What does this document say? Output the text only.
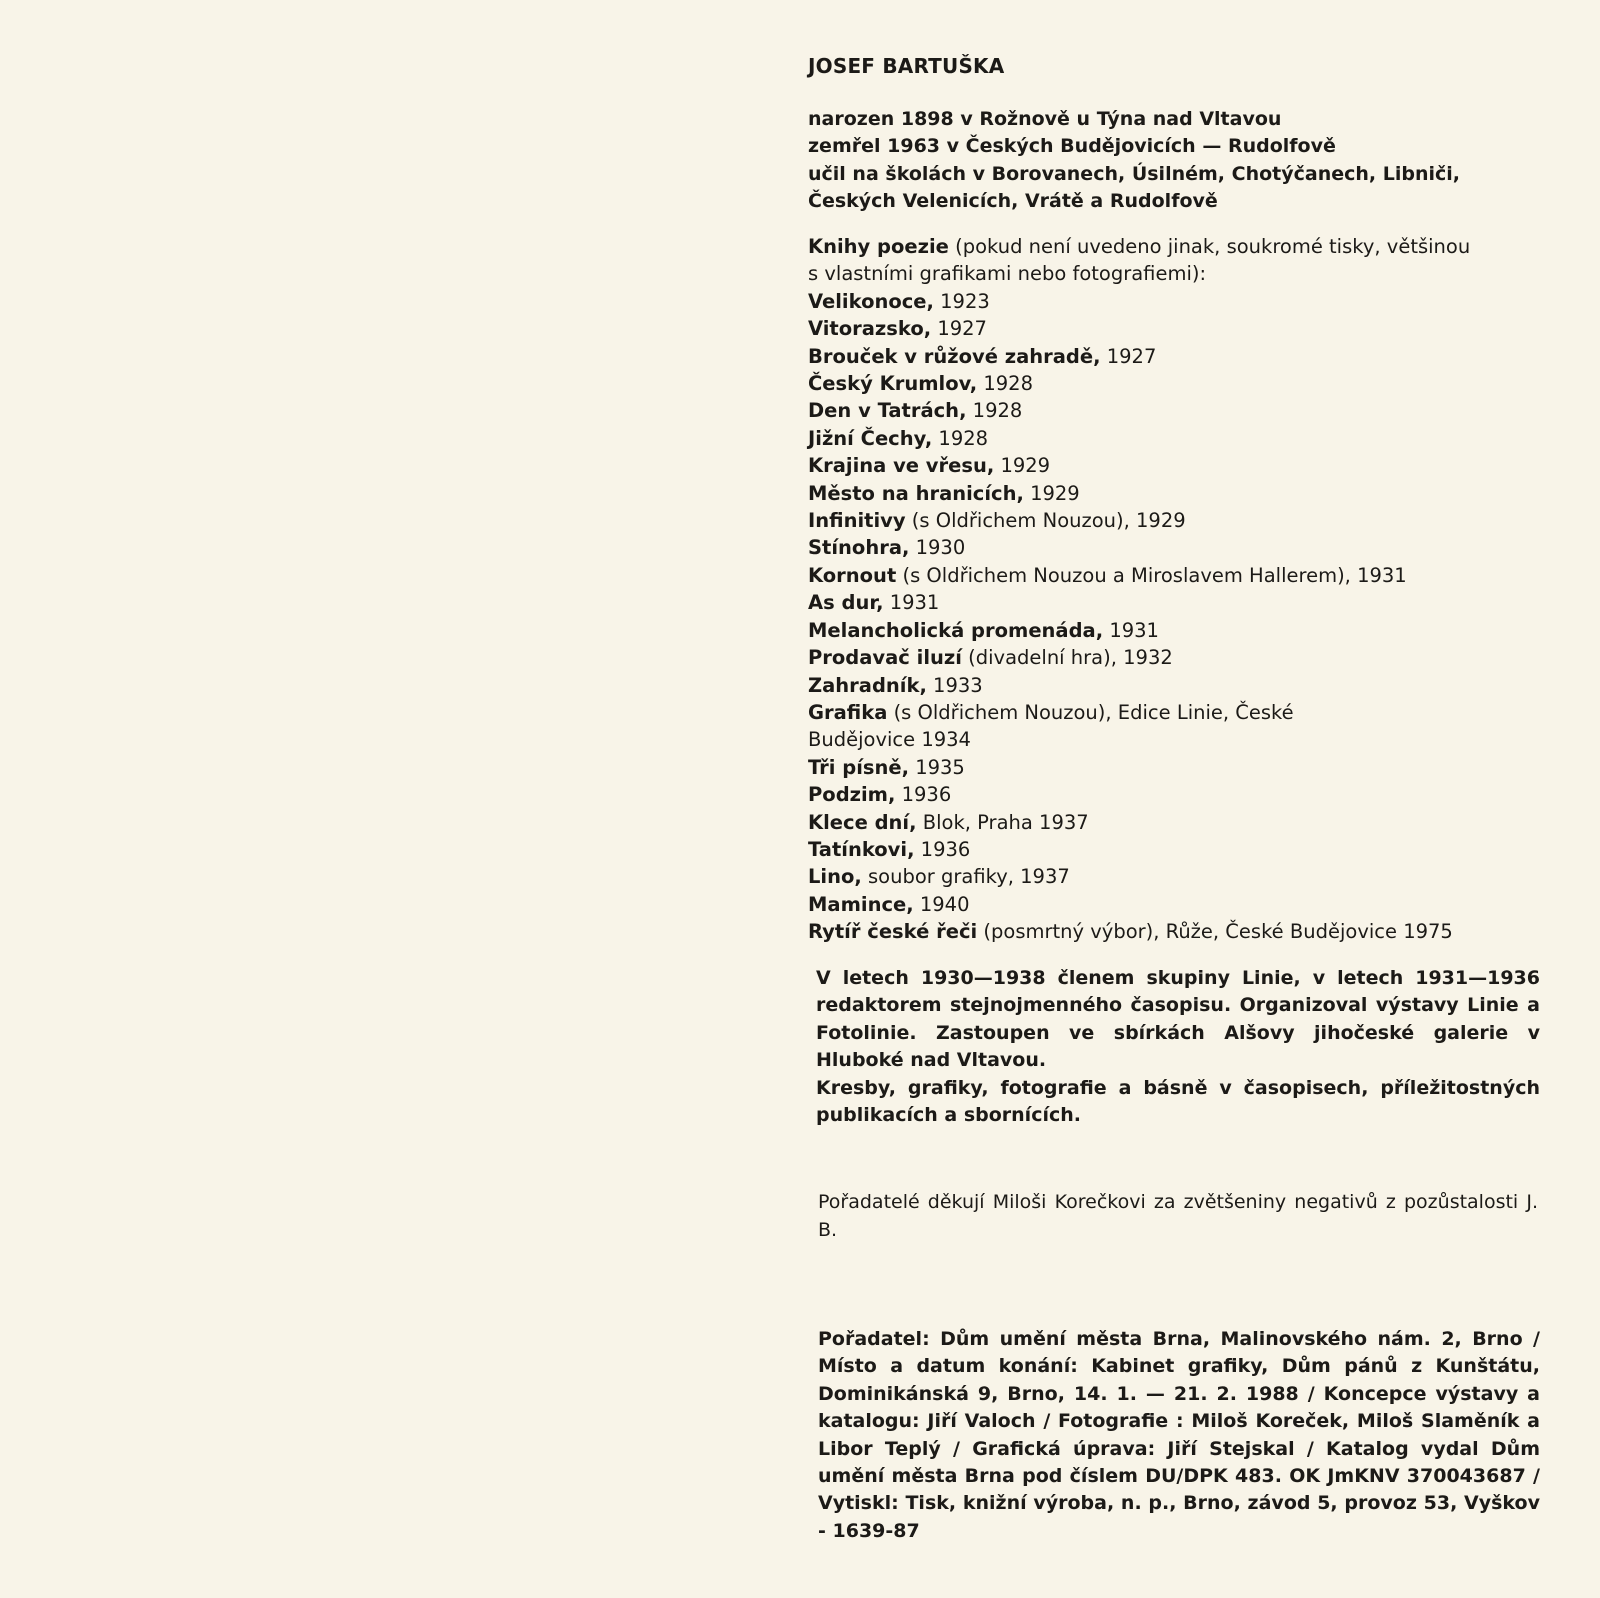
JOSEF BARTUŠKA
narozen 1898 v Rožnově u Týna nad Vltavou
zemřel 1963 v Českých Budějovicích — Rudolfově
učil na školách v Borovanech, Úsilném, Chotýčanech, Libniči,
Českých Velenicích, Vrátě a Rudolfově

Knihy poezie (pokud není uvedeno jinak, soukromé tisky, většinou
s vlastními grafikami nebo fotografiemi):

Velikonoce, 1923
Vitorazsko, 1927
Brouček v růžové zahradě, 1927
Český Krumlov, 1928
Den v Tatrách, 1928
Jižní Čechy, 1928
Krajina ve vřesu, 1929
Město na hranicích, 1929
Infinitivy (s Oldřichem Nouzou), 1929
Stínohra, 1930
Kornout (s Oldřichem Nouzou a Miroslavem Hallerem), 1931
As dur, 1931
Melancholická promenáda, 1931
Prodavač iluzí (divadelní hra), 1932
Zahradník, 1933
Grafika (s Oldřichem Nouzou), Edice Linie, České
Budějovice 1934
Tři písně, 1935
Podzim, 1936
Klece dní, Blok, Praha 1937
Tatínkovi, 1936
Lino, soubor grafiky, 1937
Mamince, 1940
Rytíř české řeči (posmrtný výbor), Růže, České Budějovice 1975

V letech 1930—1938 členem skupiny Linie, v letech 1931—1936 redaktorem stejnojmenného časopisu. Organizoval výstavy Linie a Fotolinie. Zastoupen ve sbírkách Alšovy jihočeské galerie v Hluboké nad Vltavou.

Kresby, grafiky, fotografie a básně v časopisech, příležitostných publikacích a sbornících.

Pořadatelé děkují Miloši Korečkovi za zvětšeniny negativů z pozůstalosti J. B.
Pořadatel: Dům umění města Brna, Malinovského nám. 2, Brno / Místo a datum konání: Kabinet grafiky, Dům pánů z Kunštátu, Dominikánská 9, Brno, 14. 1. — 21. 2. 1988 / Koncepce výstavy a katalogu: Jiří Valoch / Fotografie : Miloš Koreček, Miloš Slaměník a Libor Teplý / Grafická úprava: Jiří Stejskal / Katalog vydal Dům umění města Brna pod číslem DU/DPK 483. OK JmKNV 370043687 / Vytiskl: Tisk, knižní výroba, n. p., Brno, závod 5, provoz 53, Vyškov - 1639-87
